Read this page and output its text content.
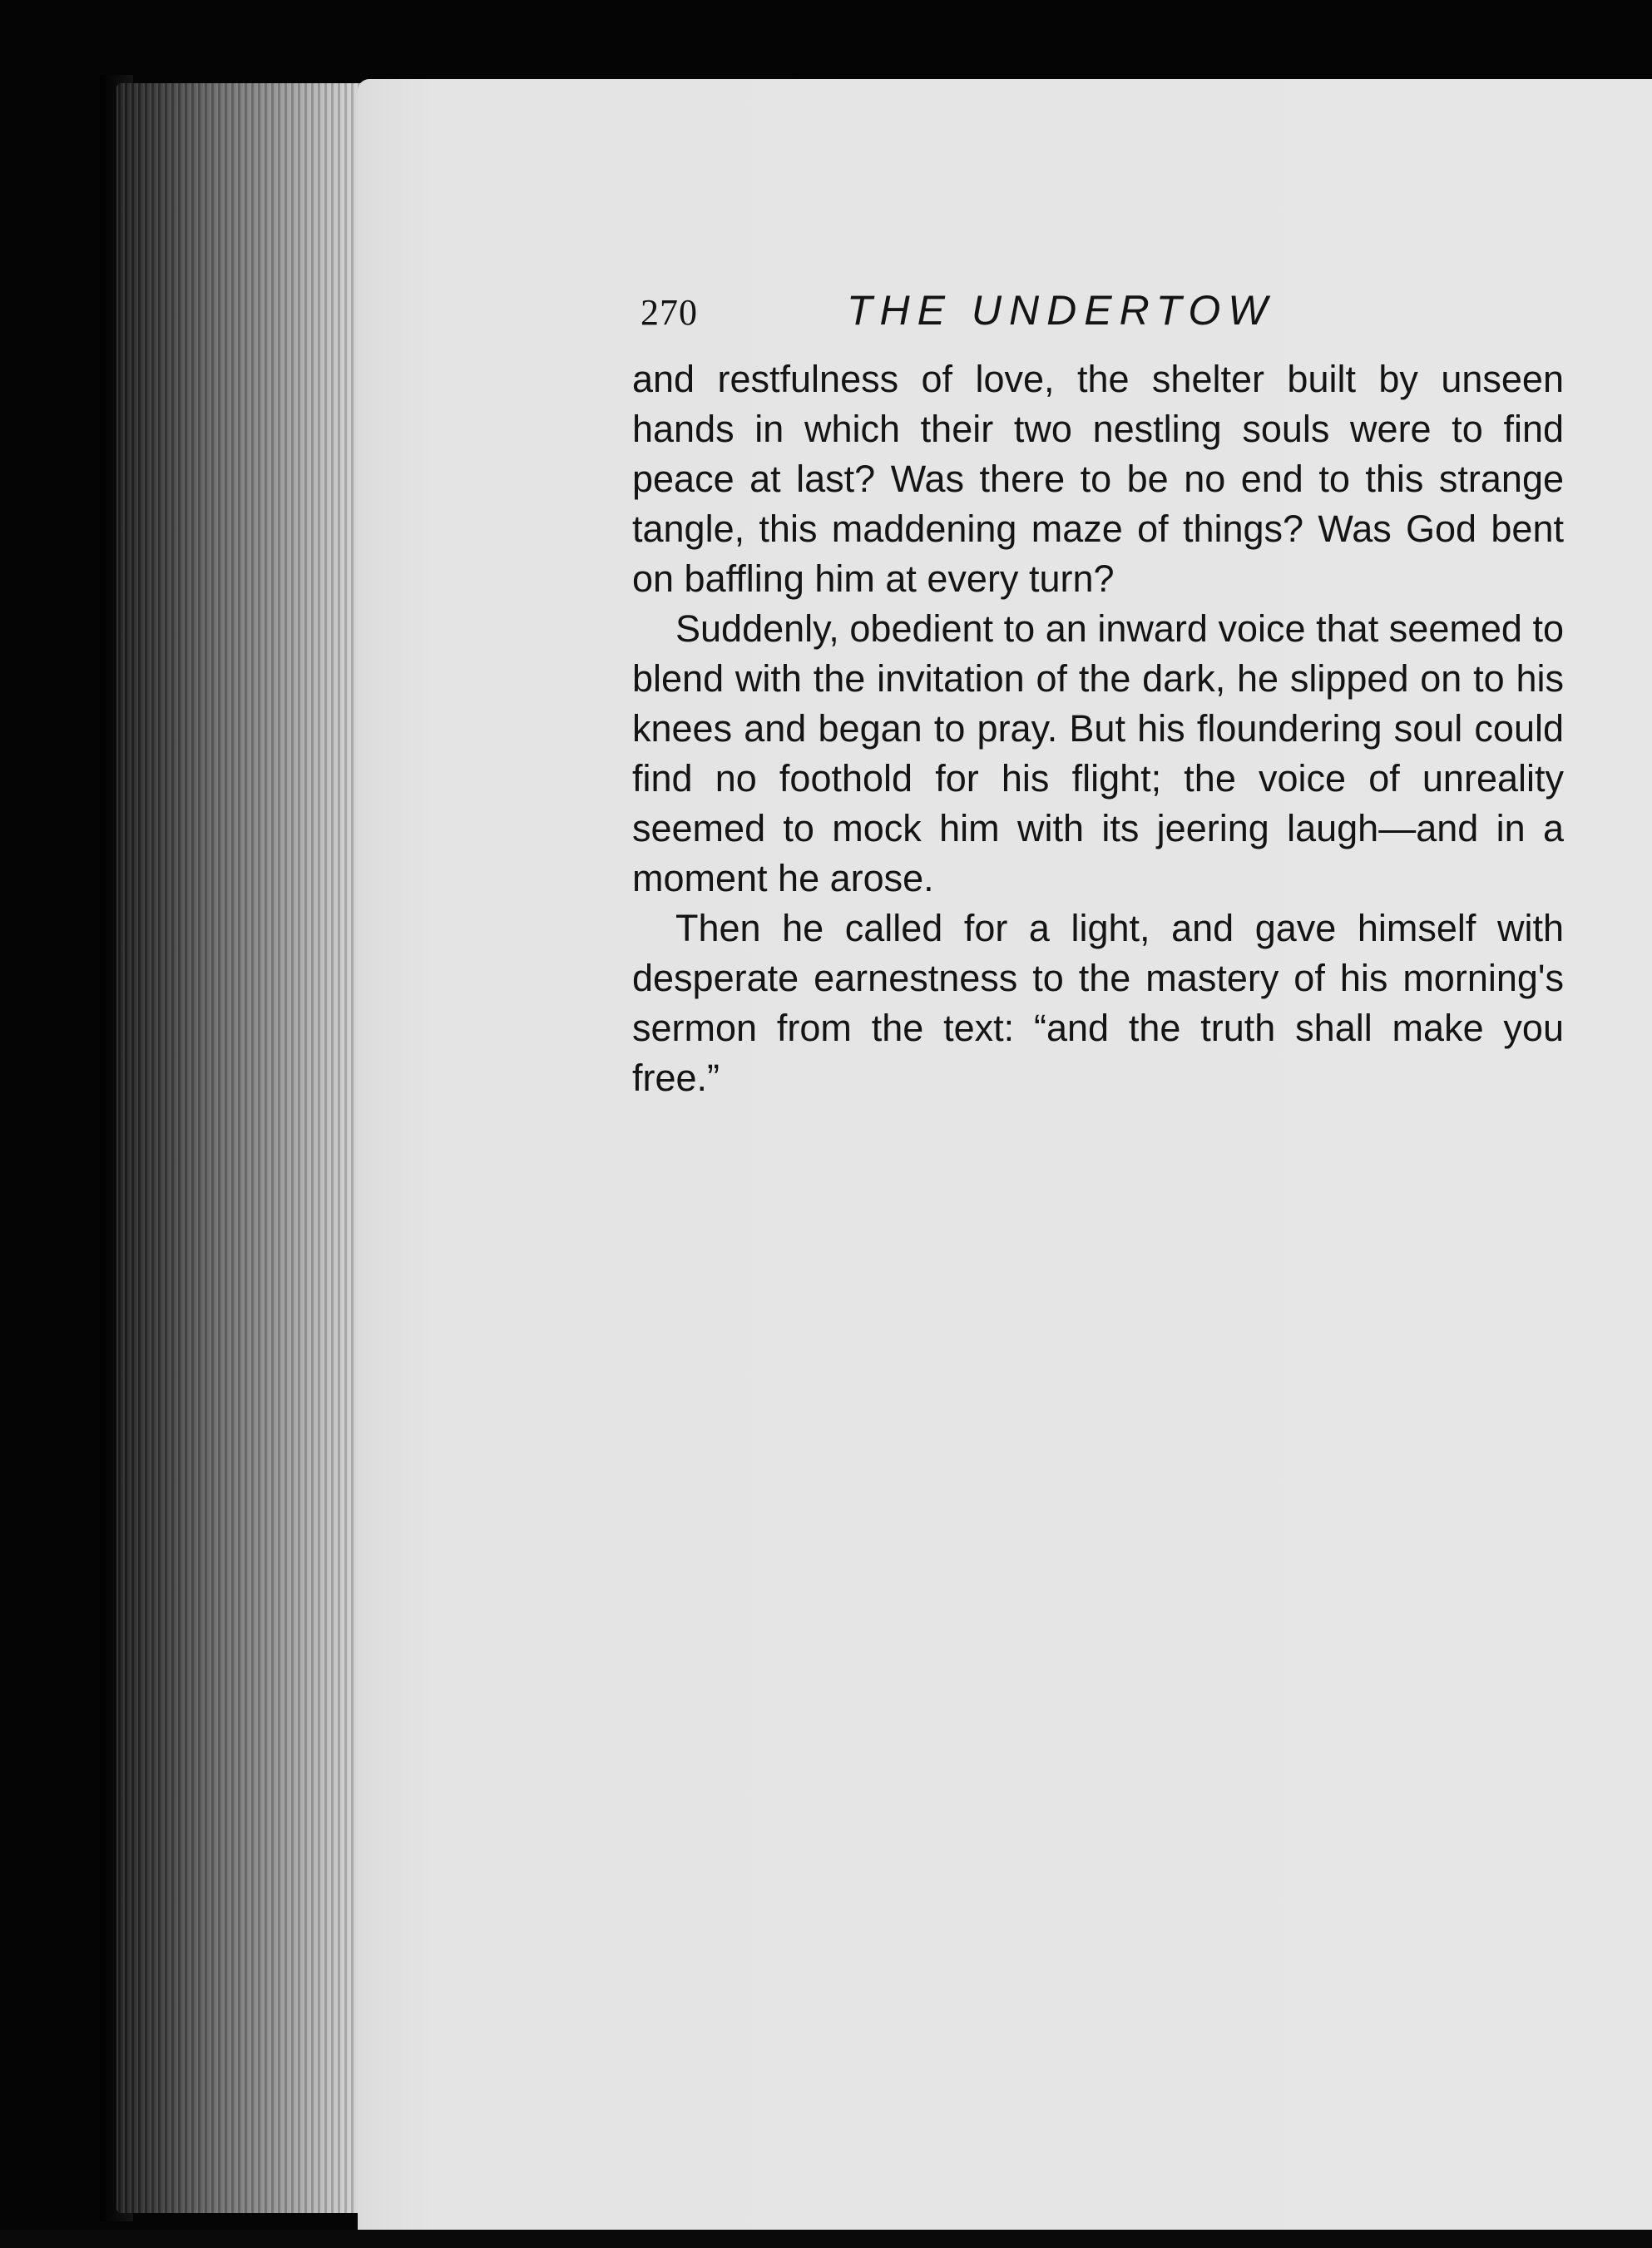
270	THE UNDERTOW

and restfulness of love, the shelter built by unseen hands in which their two nestling souls were to find peace at last? Was there to be no end to this strange tangle, this maddening maze of things? Was God bent on baffling him at every turn?

Suddenly, obedient to an inward voice that seemed to blend with the invitation of the dark, he slipped on to his knees and began to pray. But his floundering soul could find no foothold for his flight; the voice of unreality seemed to mock him with its jeering laugh—and in a moment he arose.

Then he called for a light, and gave himself with desperate earnestness to the mastery of his morning's sermon from the text: “and the truth shall make you free.”
